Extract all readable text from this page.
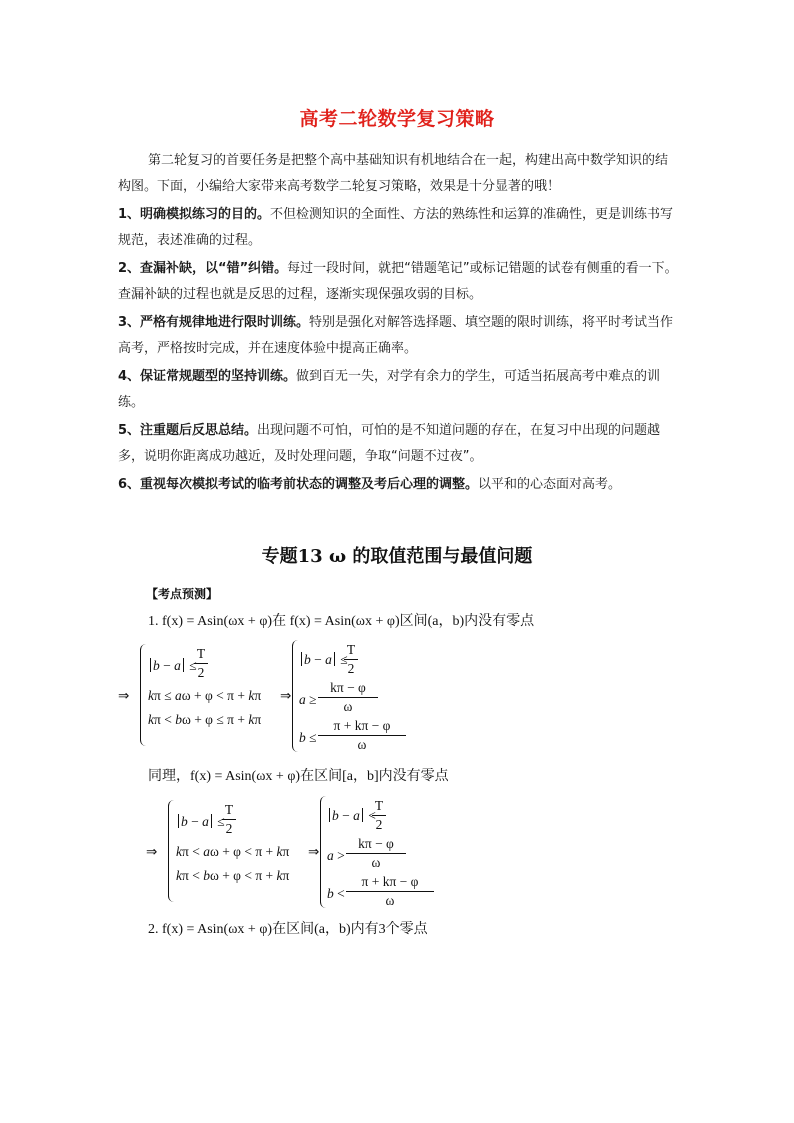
高考二轮数学复习策略
第二轮复习的首要任务是把整个高中基础知识有机地结合在一起，构建出高中数学知识的结构图。下面，小编给大家带来高考数学二轮复习策略，效果是十分显著的哦！
1、明确模拟练习的目的。不但检测知识的全面性、方法的熟练性和运算的准确性，更是训练书写规范，表述准确的过程。
2、查漏补缺，以“错”纠错。每过一段时间，就把“错题笔记”或标记错题的试卷有侧重的看一下。查漏补缺的过程也就是反思的过程，逐渐实现保强攻弱的目标。
3、严格有规律地进行限时训练。特别是强化对解答选择题、填空题的限时训练，将平时考试当作高考，严格按时完成，并在速度体验中提高正确率。
4、保证常规题型的坚持训练。做到百无一失，对学有余力的学生，可适当拓展高考中难点的训练。
5、注重题后反思总结。出现问题不可怕，可怕的是不知道问题的存在，在复习中出现的问题越多，说明你距离成功越近，及时处理问题，争取“问题不过夜”。
6、重视每次模拟考试的临考前状态的调整及考后心理的调整。以平和的心态面对高考。
专题13 ω 的取值范围与最值问题
【考点预测】
1. f(x) = Asin(ωx + φ)在 f(x) = Asin(ωx + φ)区间(a，b)内没有零点
⇒
b − a ≤
T
2
kπ ≤ aω + φ < π + kπ
kπ < bω + φ ≤ π + kπ
⇒
b − a ≤
T
2
a ≥
kπ − φ
ω
b ≤
π + kπ − φ
ω
同理，f(x) = Asin(ωx + φ)在区间[a，b]内没有零点
⇒
b − a ≤
T
2
kπ < aω + φ < π + kπ
kπ < bω + φ < π + kπ
⇒
b − a <
T
2
a >
kπ − φ
ω
b <
π + kπ − φ
ω
2. f(x) = Asin(ωx + φ)在区间(a，b)内有3个零点
